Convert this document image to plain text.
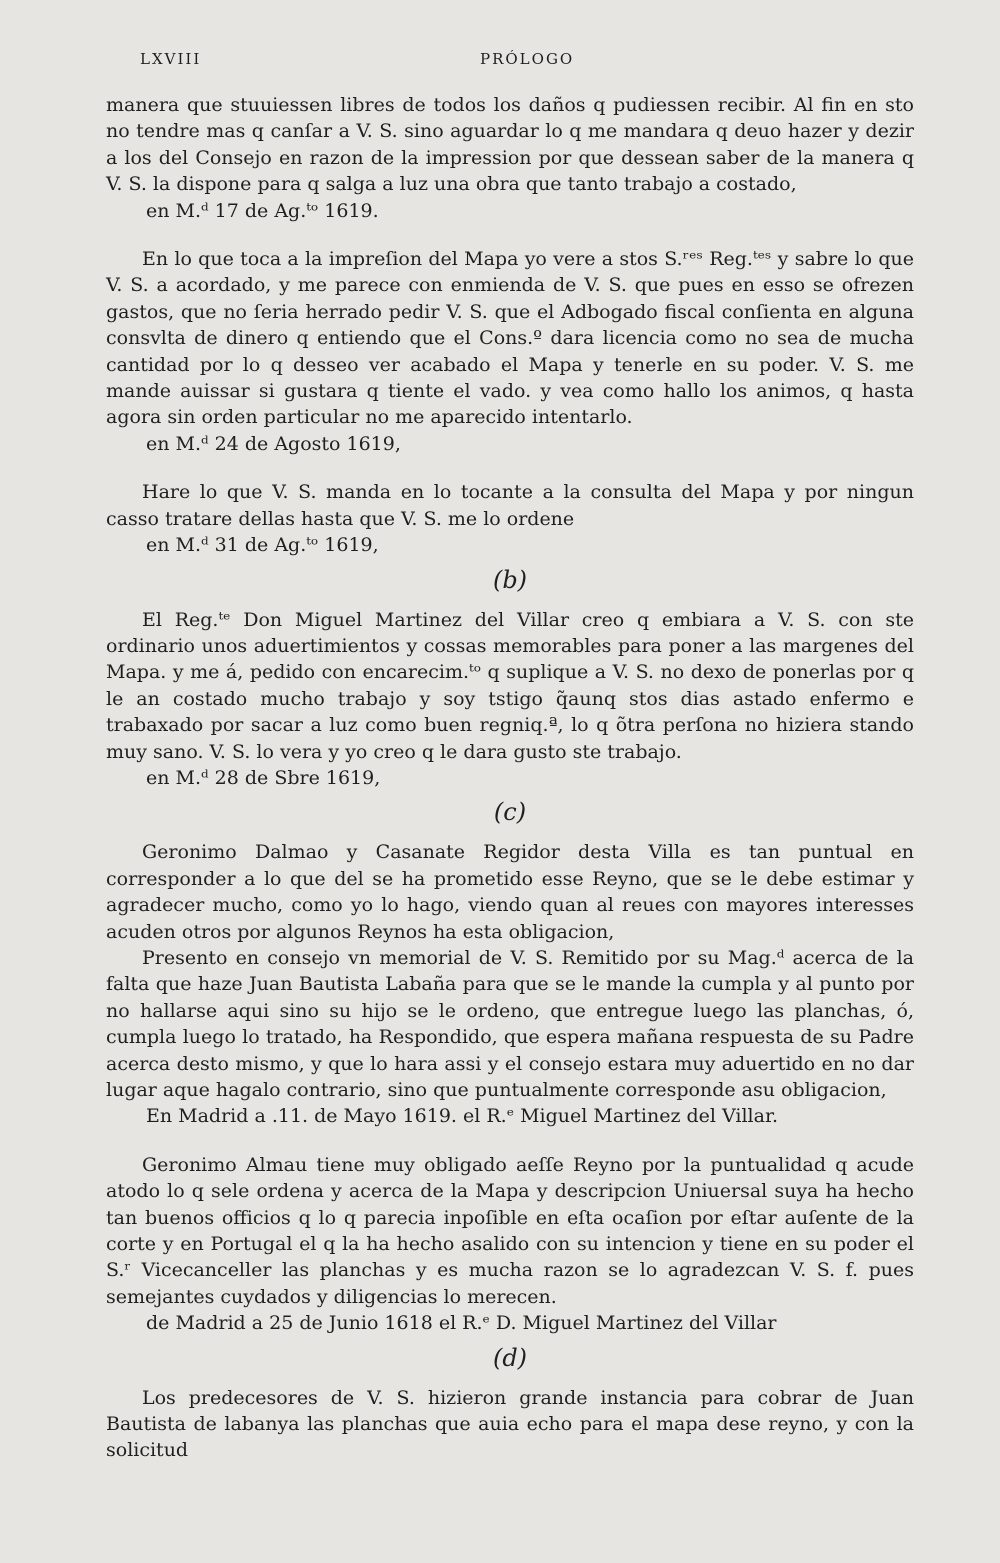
LXVIII	PRÓLOGO

manera que stuuiessen libres de todos los daños q pudiessen recibir. Al fin en sto no tendre mas q canſar a V. S. sino aguardar lo q me mandara q deuo hazer y dezir a los del Consejo en razon de la impression por que dessean saber de la manera q V. S. la dispone para q salga a luz una obra que tanto trabajo a costado,

en M.ᵈ 17 de Ag.ᵗᵒ 1619.

En lo que toca a la impreſion del Mapa yo vere a stos S.ʳᵉˢ Reg.ᵗᵉˢ y sabre lo que V. S. a acordado, y me parece con enmienda de V. S. que pues en esso se ofrezen gastos, que no ſeria herrado pedir V. S. que el Adbogado fiscal conſienta en alguna consvlta de dinero q entiendo que el Cons.º dara licencia como no sea de mucha cantidad por lo q desseo ver acabado el Mapa y tenerle en su poder. V. S. me mande auissar si gustara q tiente el vado. y vea como hallo los animos, q hasta agora sin orden particular no me aparecido intentarlo.

en M.ᵈ 24 de Agosto 1619,

Hare lo que V. S. manda en lo tocante a la consulta del Mapa y por ningun casso tratare dellas hasta que V. S. me lo ordene

en M.ᵈ 31 de Ag.ᵗᵒ 1619,

(b)

El Reg.ᵗᵉ Don Miguel Martinez del Villar creo q embiara a V. S. con ste ordinario unos aduertimientos y cossas memorables para poner a las margenes del Mapa. y me á, pedido con encarecim.ᵗᵒ q suplique a V. S. no dexo de ponerlas por q le an costado mucho trabajo y soy tstigo q̃aunq stos dias astado enfermo e trabaxado por sacar a luz como buen regniq.ª, lo q õtra perſona no hiziera stando muy sano. V. S. lo vera y yo creo q le dara gusto ste trabajo.

en M.ᵈ 28 de Sbre 1619,

(c)

Geronimo Dalmao y Casanate Regidor desta Villa es tan puntual en corresponder a lo que del se ha prometido esse Reyno, que se le debe estimar y agradecer mucho, como yo lo hago, viendo quan al reues con mayores interesses acuden otros por algunos Reynos ha esta obligacion,

Presento en consejo vn memorial de V. S. Remitido por su Mag.ᵈ acerca de la falta que haze Juan Bautista Labaña para que se le mande la cumpla y al punto por no hallarse aqui sino su hijo se le ordeno, que entregue luego las planchas, ó, cumpla luego lo tratado, ha Respondido, que espera mañana respuesta de su Padre acerca desto mismo, y que lo hara assi y el consejo estara muy aduertido en no dar lugar aque hagalo contrario, sino que puntualmente corresponde asu obligacion,

En Madrid a .11. de Mayo 1619. el R.ᵉ Miguel Martinez del Villar.

Geronimo Almau tiene muy obligado aeſſe Reyno por la puntualidad q acude atodo lo q sele ordena y acerca de la Mapa y descripcion Uniuersal suya ha hecho tan buenos officios q lo q parecia inpoſible en eſta ocaſion por eſtar auſente de la corte y en Portugal el q la ha hecho asalido con su intencion y tiene en su poder el S.ʳ Vicecanceller las planchas y es mucha razon se lo agradezcan V. S. f. pues semejantes cuydados y diligencias lo merecen.

de Madrid a 25 de Junio 1618 el R.ᵉ D. Miguel Martinez del Villar

(d)

Los predecesores de V. S. hizieron grande instancia para cobrar de Juan Bautista de labanya las planchas que auia echo para el mapa dese reyno, y con la solicitud
